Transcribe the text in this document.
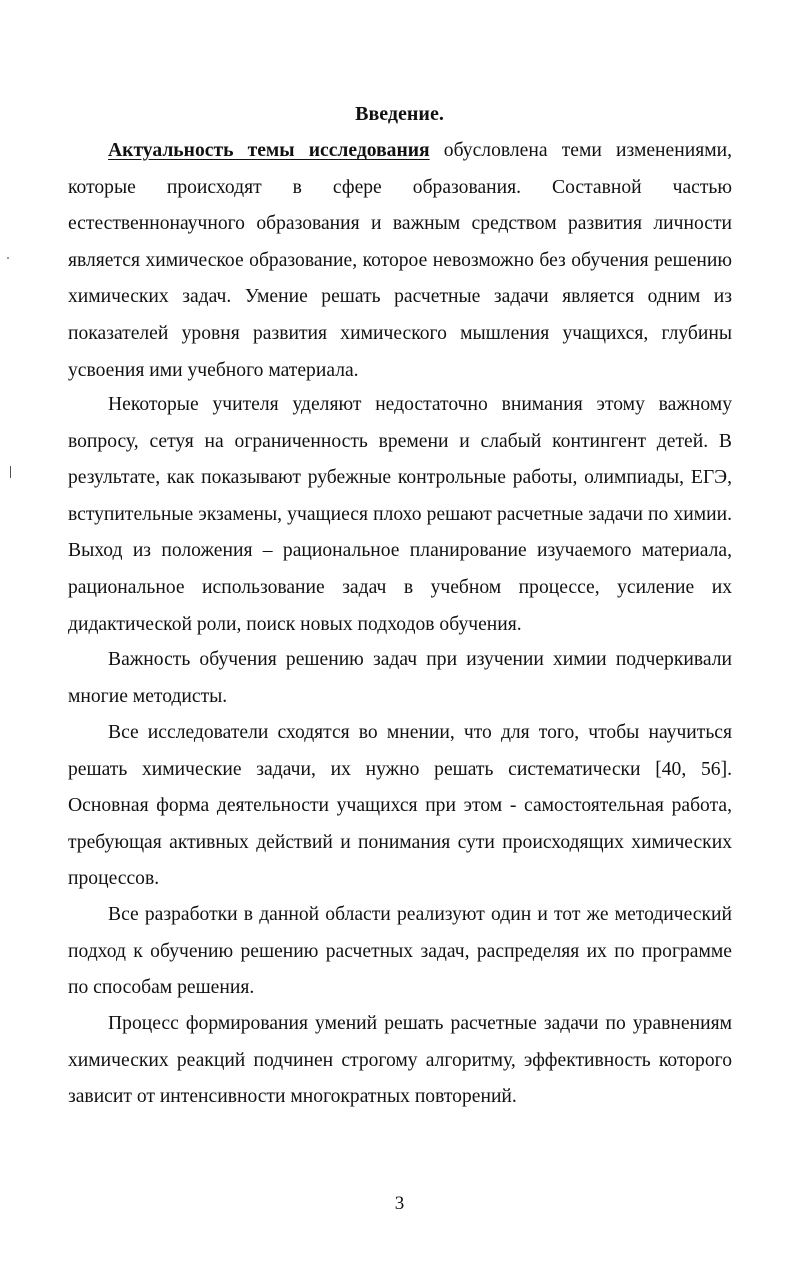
Введение.

Актуальность темы исследования обусловлена теми изменениями, которые происходят в сфере образования. Составной частью естественнонаучного образования и важным средством развития личности является химическое образование, которое невозможно без обучения решению химических задач. Умение решать расчетные задачи является одним из показателей уровня развития химического мышления учащихся, глубины усвоения ими учебного материала.

Некоторые учителя уделяют недостаточно внимания этому важному вопросу, сетуя на ограниченность времени и слабый контингент детей. В результате, как показывают рубежные контрольные работы, олимпиады, ЕГЭ, вступительные экзамены, учащиеся плохо решают расчетные задачи по химии. Выход из положения – рациональное планирование изучаемого материала, рациональное использование задач в учебном процессе, усиление их дидактической роли, поиск новых подходов обучения.

Важность обучения решению задач при изучении химии подчеркивали многие методисты.

Все исследователи сходятся во мнении, что для того, чтобы научиться решать химические задачи, их нужно решать систематически [40, 56]. Основная форма деятельности учащихся при этом - самостоятельная работа, требующая активных действий и понимания сути происходящих химических процессов.

Все разработки в данной области реализуют один и тот же методический подход к обучению решению расчетных задач, распределяя их по программе по способам решения.

Процесс формирования умений решать расчетные задачи по уравнениям химических реакций подчинен строгому алгоритму, эффективность которого зависит от интенсивности многократных повторений.

3
